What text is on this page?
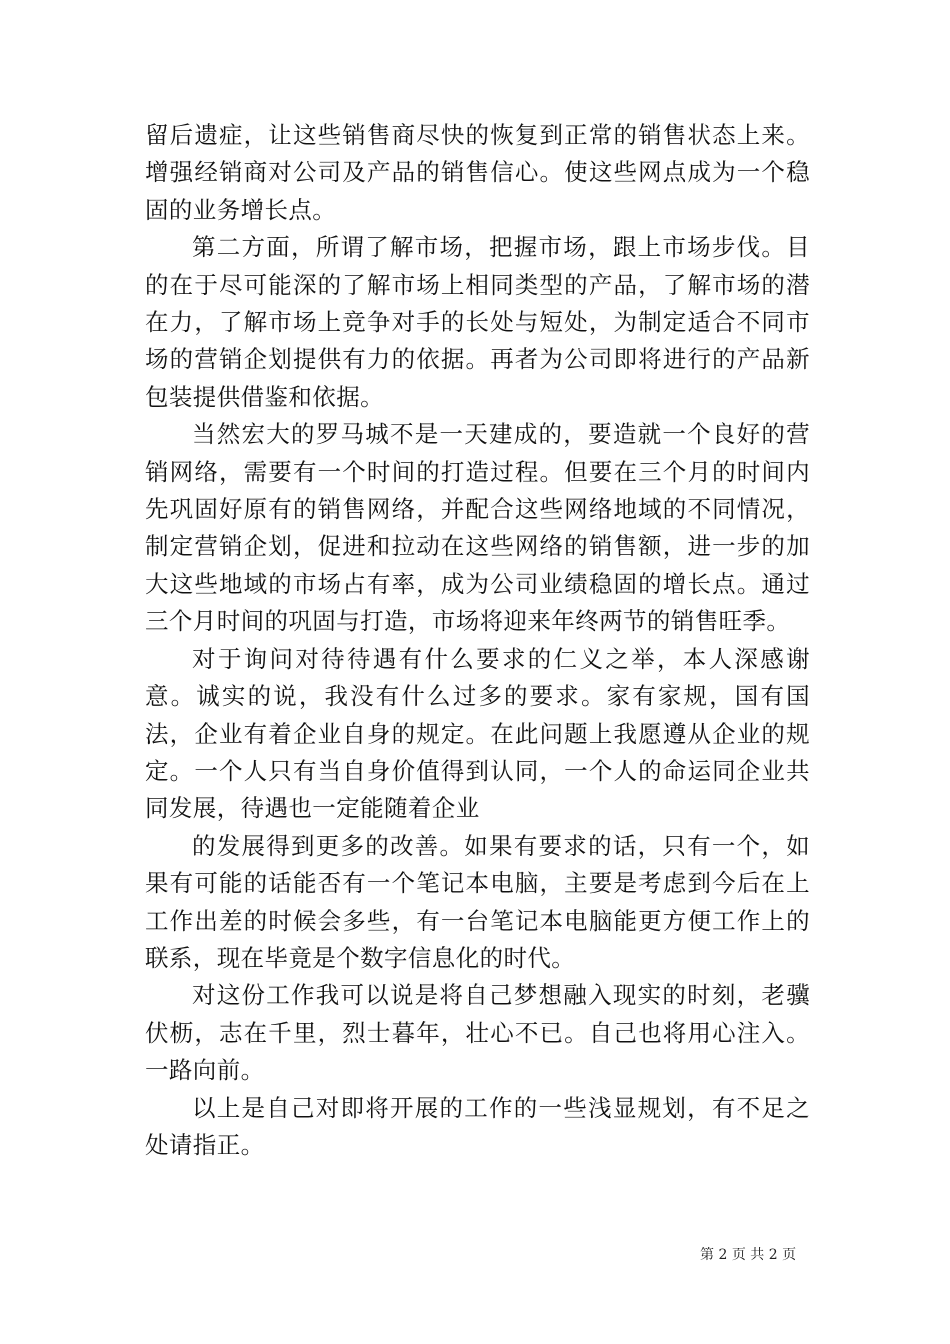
留后遗症，让这些销售商尽快的恢复到正常的销售状态上来。增强经销商对公司及产品的销售信心。使这些网点成为一个稳固的业务增长点。

第二方面，所谓了解市场，把握市场，跟上市场步伐。目的在于尽可能深的了解市场上相同类型的产品，了解市场的潜在力，了解市场上竞争对手的长处与短处，为制定适合不同市场的营销企划提供有力的依据。再者为公司即将进行的产品新包装提供借鉴和依据。

当然宏大的罗马城不是一天建成的，要造就一个良好的营销网络，需要有一个时间的打造过程。但要在三个月的时间内先巩固好原有的销售网络，并配合这些网络地域的不同情况，制定营销企划，促进和拉动在这些网络的销售额，进一步的加大这些地域的市场占有率，成为公司业绩稳固的增长点。通过三个月时间的巩固与打造，市场将迎来年终两节的销售旺季。

对于询问对待待遇有什么要求的仁义之举，本人深感谢意。诚实的说，我没有什么过多的要求。家有家规，国有国法，企业有着企业自身的规定。在此问题上我愿遵从企业的规定。一个人只有当自身价值得到认同，一个人的命运同企业共同发展，待遇也一定能随着企业

的发展得到更多的改善。如果有要求的话，只有一个，如果有可能的话能否有一个笔记本电脑，主要是考虑到今后在上工作出差的时候会多些，有一台笔记本电脑能更方便工作上的联系，现在毕竟是个数字信息化的时代。

对这份工作我可以说是将自己梦想融入现实的时刻，老骥伏枥，志在千里，烈士暮年，壮心不已。自己也将用心注入。一路向前。

以上是自己对即将开展的工作的一些浅显规划，有不足之处请指正。

第 2 页 共 2 页
